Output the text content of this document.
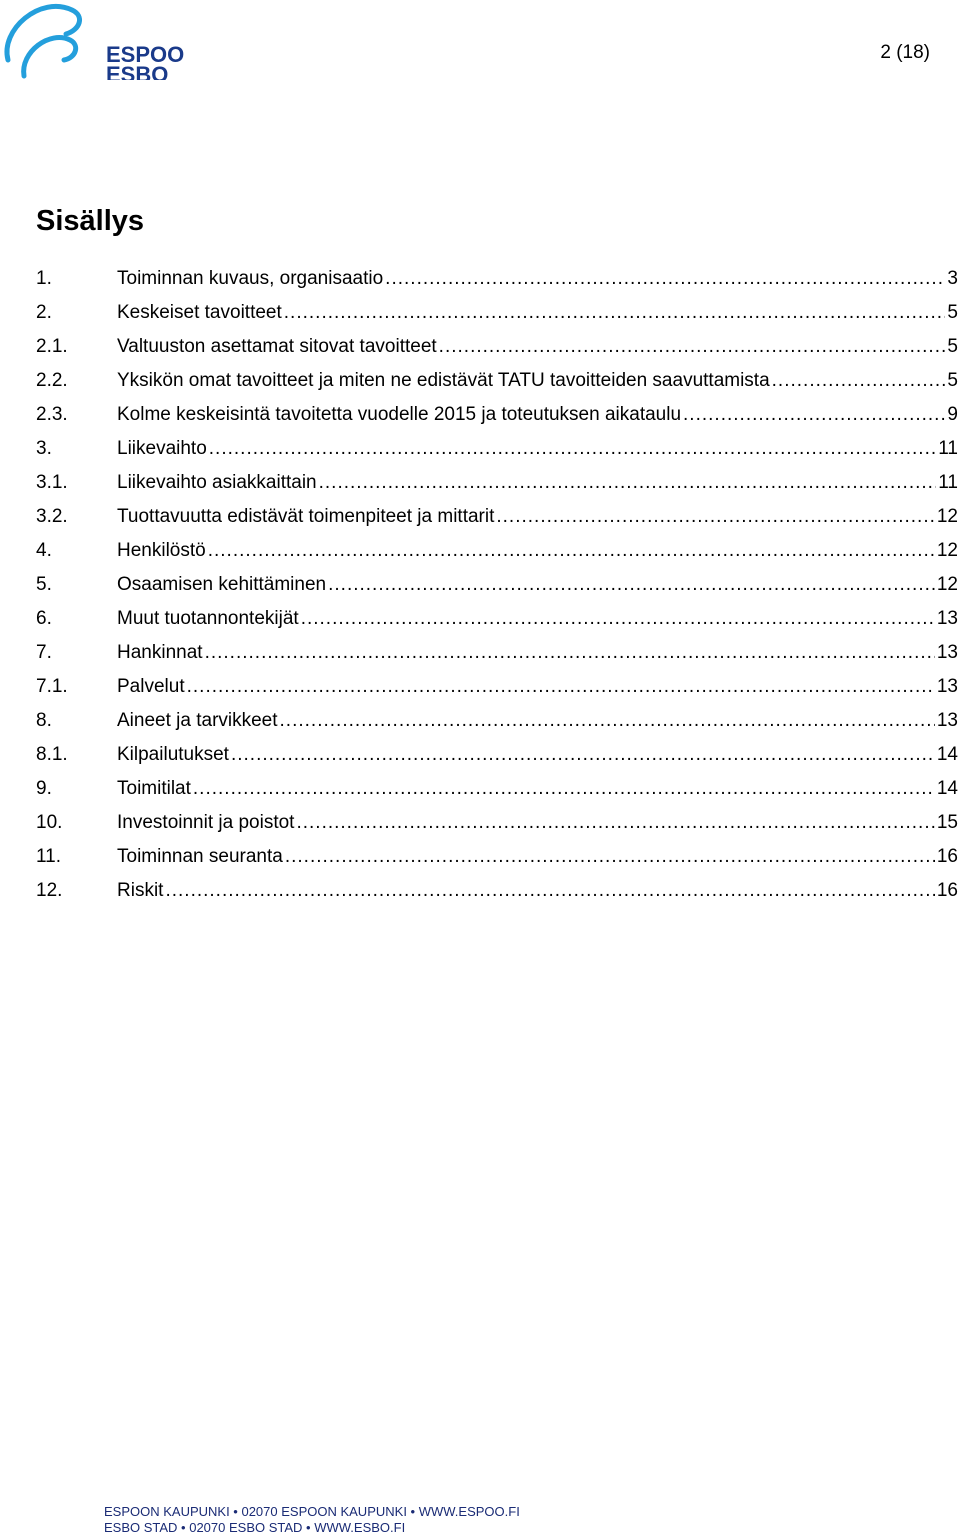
ESPOO
ESBO
2 (18)
Sisällys
1.	Toiminnan kuvaus, organisaatio .....	3
2.	Keskeiset tavoitteet .....	5
2.1.	Valtuuston asettamat sitovat tavoitteet .....	5
2.2.	Yksikön omat tavoitteet ja miten ne edistävät TATU tavoitteiden saavuttamista .....	5
2.3.	Kolme keskeisintä tavoitetta vuodelle 2015 ja toteutuksen aikataulu .....	9
3.	Liikevaihto .....	11
3.1.	Liikevaihto asiakkaittain .....	11
3.2.	Tuottavuutta edistävät toimenpiteet ja mittarit .....	12
4.	Henkilöstö .....	12
5.	Osaamisen kehittäminen .....	12
6.	Muut tuotannontekijät .....	13
7.	Hankinnat .....	13
7.1.	Palvelut .....	13
8.	Aineet ja tarvikkeet .....	13
8.1.	Kilpailutukset .....	14
9.	Toimitilat .....	14
10.	Investoinnit ja poistot .....	15
11.	Toiminnan seuranta .....	16
12.	Riskit .....	16
ESPOON KAUPUNKI • 02070 ESPOON KAUPUNKI • WWW.ESPOO.FI
ESBO STAD • 02070 ESBO STAD • WWW.ESBO.FI
